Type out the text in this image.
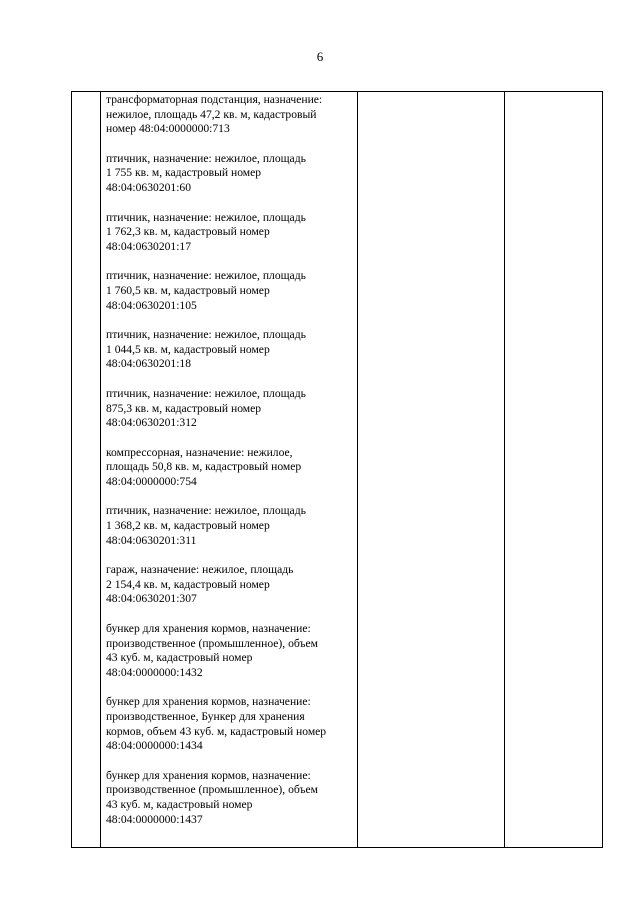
6

трансформаторная подстанция, назначение:
нежилое, площадь 47,2 кв. м, кадастровый
номер 48:04:0000000:713

птичник, назначение: нежилое, площадь
1 755 кв. м, кадастровый номер
48:04:0630201:60

птичник, назначение: нежилое, площадь
1 762,3 кв. м, кадастровый номер
48:04:0630201:17

птичник, назначение: нежилое, площадь
1 760,5 кв. м, кадастровый номер
48:04:0630201:105

птичник, назначение: нежилое, площадь
1 044,5 кв. м, кадастровый номер
48:04:0630201:18

птичник, назначение: нежилое, площадь
875,3 кв. м, кадастровый номер
48:04:0630201:312

компрессорная, назначение: нежилое,
площадь 50,8 кв. м, кадастровый номер
48:04:0000000:754

птичник, назначение: нежилое, площадь
1 368,2 кв. м, кадастровый номер
48:04:0630201:311

гараж, назначение: нежилое, площадь
2 154,4 кв. м, кадастровый номер
48:04:0630201:307

бункер для хранения кормов, назначение:
производственное (промышленное), объем
43 куб. м, кадастровый номер
48:04:0000000:1432

бункер для хранения кормов, назначение:
производственное, Бункер для хранения
кормов, объем 43 куб. м, кадастровый номер
48:04:0000000:1434

бункер для хранения кормов, назначение:
производственное (промышленное), объем
43 куб. м, кадастровый номер
48:04:0000000:1437
